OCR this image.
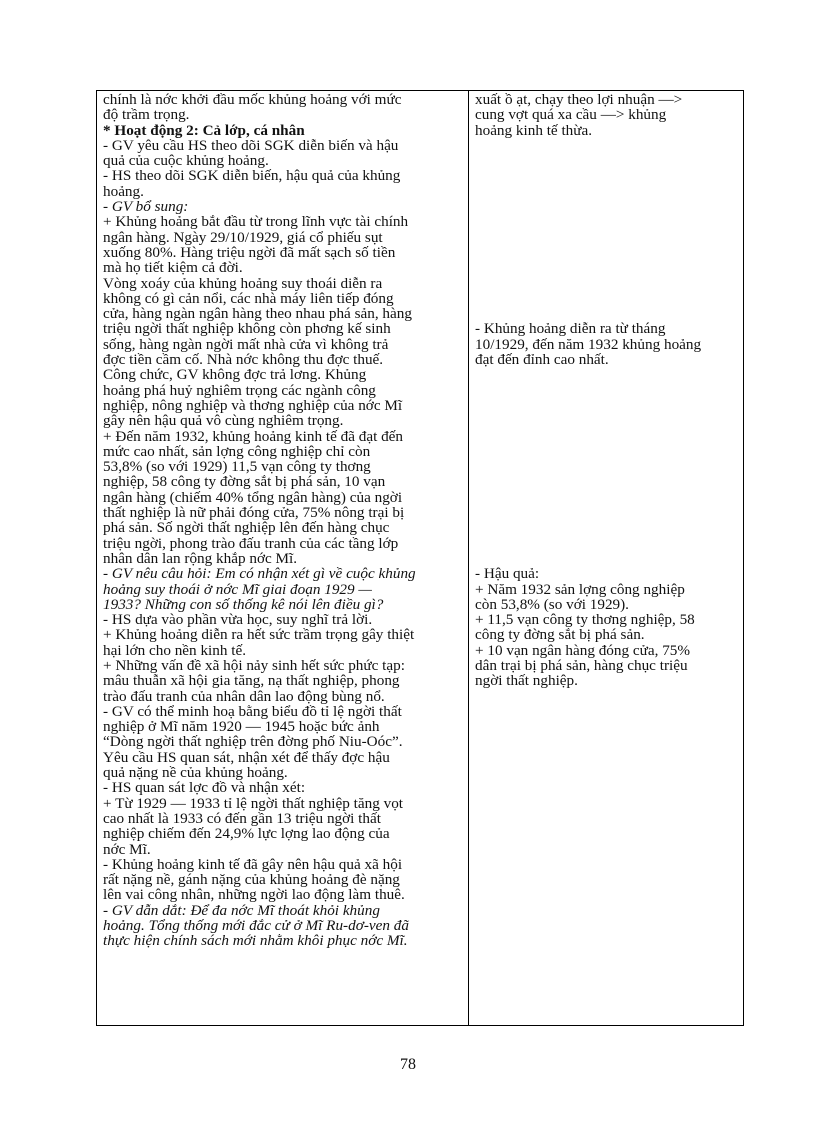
chính là nớc khởi đầu mốc khủng hoảng với mức
độ trầm trọng.
* Hoạt động 2: Cả lớp, cá nhân
- GV yêu cầu HS theo dõi SGK diễn biến và hậu
quả của cuộc khủng hoảng.
- HS theo dõi SGK diễn biến, hậu quả của khủng
hoảng.
- GV bổ sung:
+ Khủng hoảng bắt đầu từ trong lĩnh vực tài chính
ngân hàng. Ngày 29/10/1929, giá cổ phiếu sụt
xuống 80%. Hàng triệu ngời đã mất sạch số tiền
mà họ tiết kiệm cả đời.
Vòng xoáy của khủng hoảng suy thoái diễn ra
không có gì cản nổi, các nhà máy liên tiếp đóng
cửa, hàng ngàn ngân hàng theo nhau phá sản, hàng
triệu ngời thất nghiệp không còn phơng kế sinh
sống, hàng ngàn ngời mất nhà cửa vì không trả
đợc tiền cầm cố. Nhà nớc không thu đợc thuế.
Công chức, GV không đợc trả lơng. Khủng
hoảng phá huỷ nghiêm trọng các ngành công
nghiệp, nông nghiệp và thơng nghiệp của nớc Mĩ
gây nên hậu quả vô cùng nghiêm trọng.
+ Đến năm 1932, khủng hoảng kinh tế đã đạt đến
mức cao nhất, sản lợng công nghiệp chỉ còn
53,8% (so với 1929) 11,5 vạn công ty thơng
nghiệp, 58 công ty đờng sắt bị phá sản, 10 vạn
ngân hàng (chiếm 40% tổng ngân hàng) của ngời
thất nghiệp là nữ phải đóng cửa, 75% nông trại bị
phá sản. Số ngời thất nghiệp lên đến hàng chục
triệu ngời, phong trào đấu tranh của các tầng lớp
nhân dân lan rộng khắp nớc Mĩ.
- GV nêu câu hỏi: Em có nhận xét gì về cuộc khủng
hoảng suy thoái ở nớc Mĩ giai đoạn 1929 —
1933? Những con số thống kê nói lên điều gì?
- HS dựa vào phần vừa học, suy nghĩ trả lời.
+ Khủng hoảng diễn ra hết sức trầm trọng gây thiệt
hại lớn cho nền kinh tế.
+ Những vấn đề xã hội nảy sinh hết sức phức tạp:
mâu thuẫn xã hội gia tăng, nạ thất nghiệp, phong
trào đấu tranh của nhân dân lao động bùng nổ.
- GV có thể minh hoạ bằng biểu đồ tỉ lệ ngời thất
nghiệp ở Mĩ năm 1920 — 1945 hoặc bức ảnh
“Dòng ngời thất nghiệp trên đờng phố Niu-Oóc”.
Yêu cầu HS quan sát, nhận xét để thấy đợc hậu
quả nặng nề của khủng hoảng.
- HS quan sát lợc đồ và nhận xét:
+ Từ 1929 — 1933 tỉ lệ ngời thất nghiệp tăng vọt
cao nhất là 1933 có đến gần 13 triệu ngời thất
nghiệp chiếm đến 24,9% lực lợng lao động của
nớc Mĩ.
- Khủng hoảng kinh tế đã gây nên hậu quả xã hội
rất nặng nề, gánh nặng của khủng hoảng đè nặng
lên vai công nhân, những ngời lao động làm thuê.
- GV dẫn dắt: Để đa nớc Mĩ thoát khỏi khủng
hoảng. Tổng thống mới đắc cử ở Mĩ Ru-dơ-ven đã
thực hiện chính sách mới nhằm khôi phục nớc Mĩ.
xuất ồ ạt, chạy theo lợi nhuận —>
cung vợt quá xa cầu —> khủng
hoảng kinh tế thừa.
- Khủng hoảng diễn ra từ tháng
10/1929, đến năm 1932 khủng hoảng
đạt đến đỉnh cao nhất.
- Hậu quả:
+ Năm 1932 sản lợng công nghiệp
còn 53,8% (so với 1929).
+ 11,5 vạn công ty thơng nghiệp, 58
công ty đờng sắt bị phá sản.
+ 10 vạn ngân hàng đóng cửa, 75%
dân trại bị phá sản, hàng chục triệu
ngời thất nghiệp.
78
